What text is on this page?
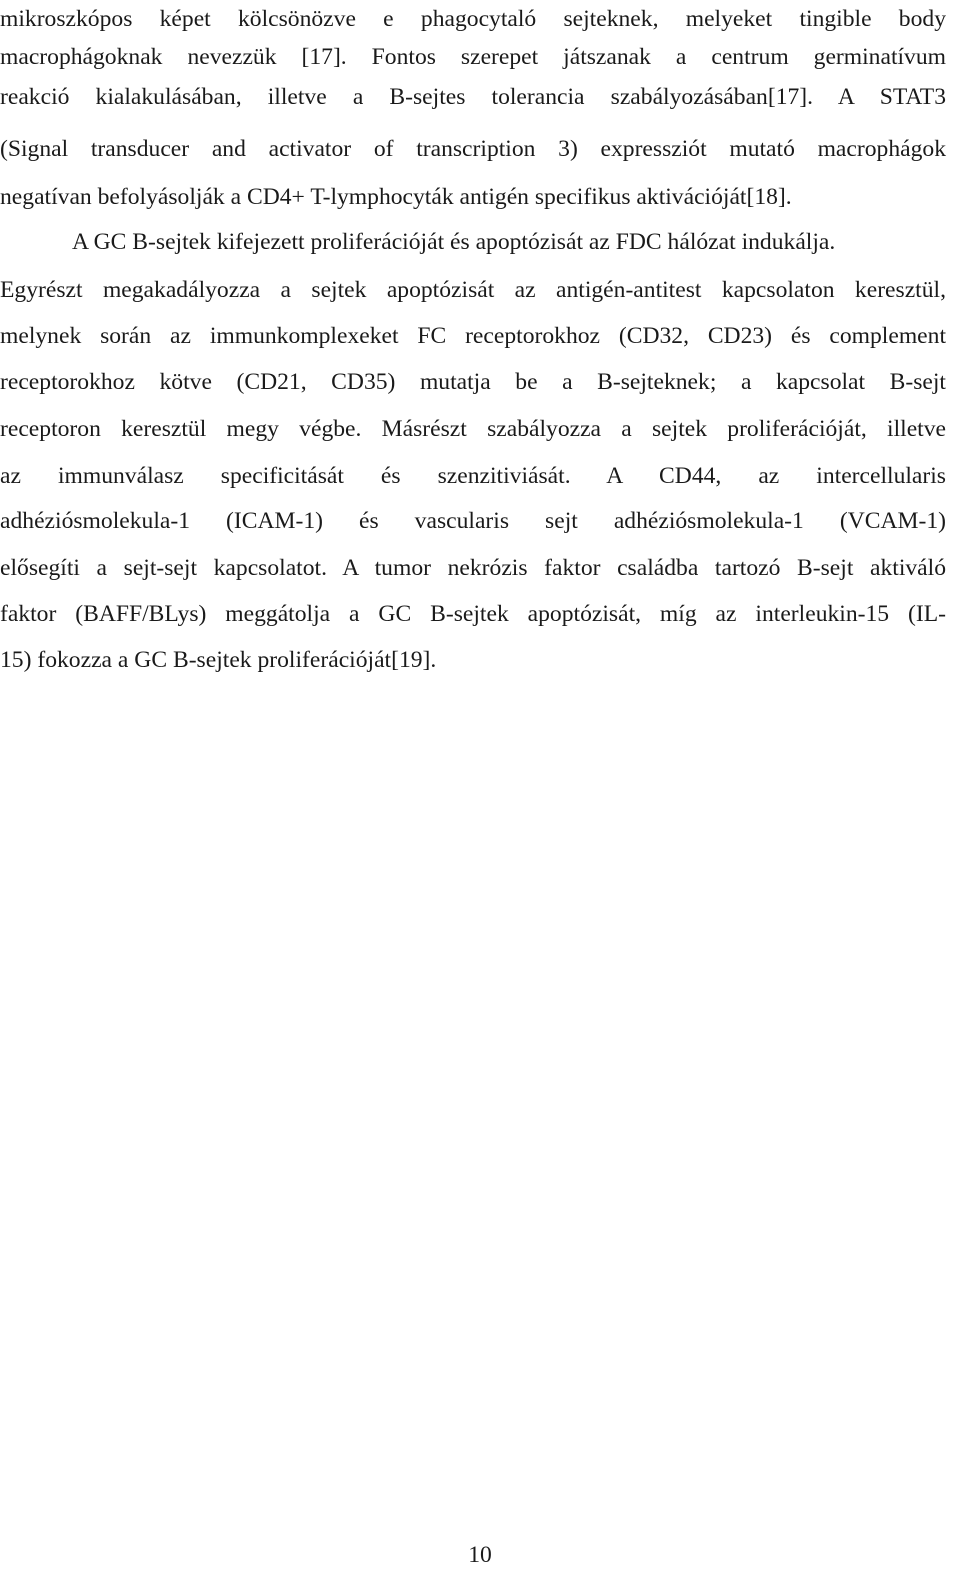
mikroszkópos képet kölcsönözve e phagocytaló sejteknek, melyeket tingible body
macrophágoknak nevezzük [17]. Fontos szerepet játszanak a centrum germinatívum
reakció kialakulásában, illetve a B-sejtes tolerancia szabályozásában[17]. A STAT3
(Signal transducer and activator of transcription 3) expressziót mutató macrophágok
negatívan befolyásolják a CD4+ T-lymphocyták antigén specifikus aktivációját[18].
A GC B-sejtek kifejezett proliferációját és apoptózisát az FDC hálózat indukálja.
Egyrészt megakadályozza a sejtek apoptózisát az antigén-antitest kapcsolaton keresztül,
melynek során az immunkomplexeket FC receptorokhoz (CD32, CD23) és complement
receptorokhoz kötve (CD21, CD35) mutatja be a B-sejteknek; a kapcsolat B-sejt
receptoron keresztül megy végbe. Másrészt szabályozza a sejtek proliferációját, illetve
az immunválasz specificitását és szenzitiviását. A CD44, az intercellularis
adhéziósmolekula-1 (ICAM-1) és vascularis sejt adhéziósmolekula-1 (VCAM-1)
elősegíti a sejt-sejt kapcsolatot. A tumor nekrózis faktor családba tartozó B-sejt aktiváló
faktor (BAFF/BLys) meggátolja a GC B-sejtek apoptózisát, míg az interleukin-15 (IL-
15) fokozza a GC B-sejtek proliferációját[19].
10
